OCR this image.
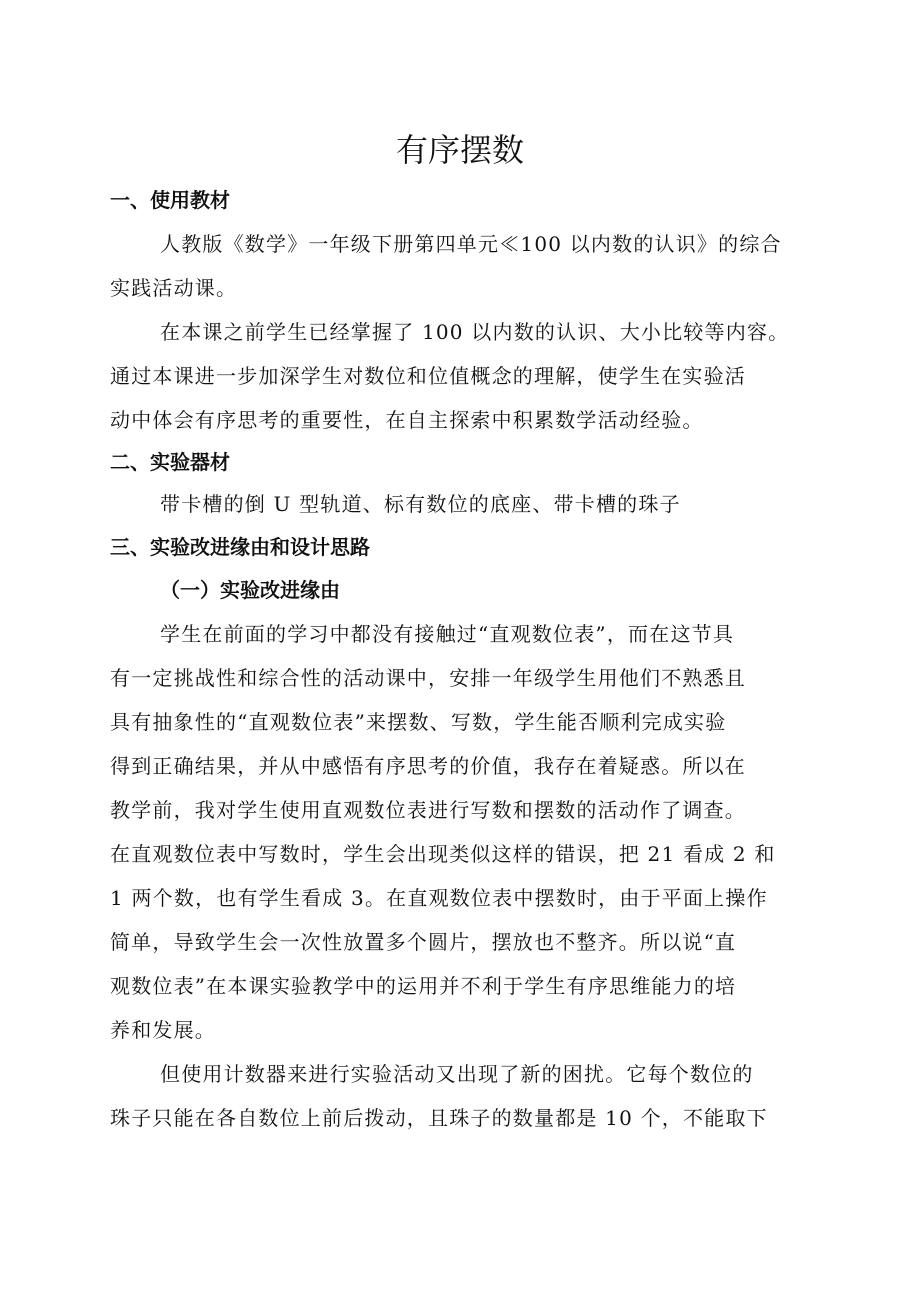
有序摆数
一、使用教材
人教版《数学》一年级下册第四单元≪100 以内数的认识》的综合
实践活动课。
在本课之前学生已经掌握了 100 以内数的认识、大小比较等内容。
通过本课进一步加深学生对数位和位值概念的理解，使学生在实验活
动中体会有序思考的重要性，在自主探索中积累数学活动经验。
二、实验器材
带卡槽的倒 U 型轨道、标有数位的底座、带卡槽的珠子
三、实验改进缘由和设计思路
（一）实验改进缘由
学生在前面的学习中都没有接触过“直观数位表”，而在这节具
有一定挑战性和综合性的活动课中，安排一年级学生用他们不熟悉且
具有抽象性的“直观数位表”来摆数、写数，学生能否顺利完成实验
得到正确结果，并从中感悟有序思考的价值，我存在着疑惑。所以在
教学前，我对学生使用直观数位表进行写数和摆数的活动作了调查。
在直观数位表中写数时，学生会出现类似这样的错误，把 21 看成 2 和
1 两个数，也有学生看成 3。在直观数位表中摆数时，由于平面上操作
简单，导致学生会一次性放置多个圆片，摆放也不整齐。所以说“直
观数位表”在本课实验教学中的运用并不利于学生有序思维能力的培
养和发展。
但使用计数器来进行实验活动又出现了新的困扰。它每个数位的
珠子只能在各自数位上前后拨动，且珠子的数量都是 10 个，不能取下
